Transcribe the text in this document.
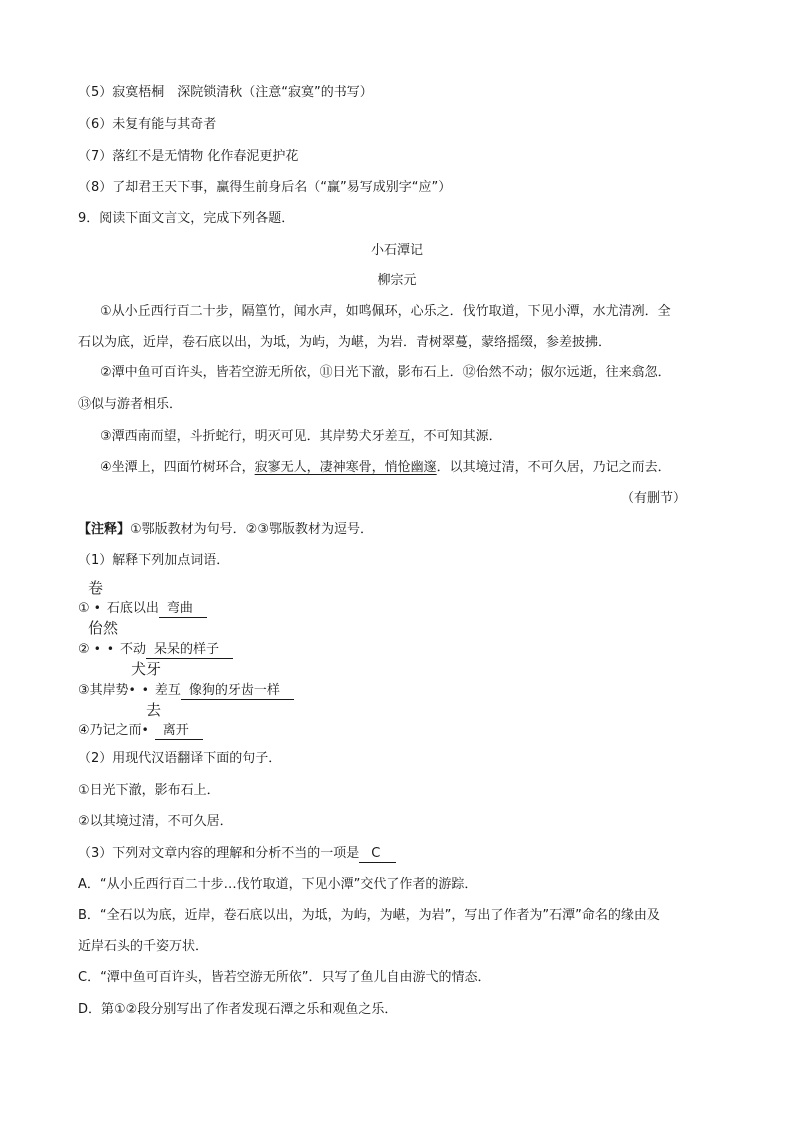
（5）寂寞梧桐　深院锁清秋（注意“寂寞”的书写）
（6）未复有能与其奇者
（7）落红不是无情物 化作春泥更护花
（8）了却君王天下事，赢得生前身后名（“赢”易写成别字“应”）
9．阅读下面文言文，完成下列各题．
小石潭记
柳宗元
①从小丘西行百二十步，隔篁竹，闻水声，如鸣佩环，心乐之．伐竹取道，下见小潭，水尤清冽．全
石以为底，近岸，卷石底以出，为坻，为屿，为嵁，为岩．青树翠蔓，蒙络摇缀，参差披拂．
②潭中鱼可百许头，皆若空游无所依，⑪日光下澈，影布石上．⑫佁然不动；俶尔远逝，往来翕忽．
⑬似与游者相乐．
③潭西南而望，斗折蛇行，明灭可见．其岸势犬牙差互，不可知其源．
④坐潭上，四面竹树环合，寂寥无人，凄神寒骨，悄怆幽邃．以其境过清，不可久居，乃记之而去．
（有删节）
【注释】①鄂版教材为句号．②③鄂版教材为逗号．
（1）解释下列加点词语．
卷
① •石底以出 弯曲
佁然
② ••不动 呆呆的样子
犬牙
③其岸势••差互 像狗的牙齿一样
去
④乃记之而• 离开
（2）用现代汉语翻译下面的句子．
①日光下澈，影布石上．
②以其境过清，不可久居．
（3）下列对文章内容的理解和分析不当的一项是 C
A．“从小丘西行百二十步…伐竹取道，下见小潭”交代了作者的游踪．
B．“全石以为底，近岸，卷石底以出，为坻，为屿，为嵁，为岩”，写出了作者为”石潭”命名的缘由及
近岸石头的千姿万状．
C．“潭中鱼可百许头，皆若空游无所依”．只写了鱼儿自由游弋的情态．
D．第①②段分别写出了作者发现石潭之乐和观鱼之乐．
